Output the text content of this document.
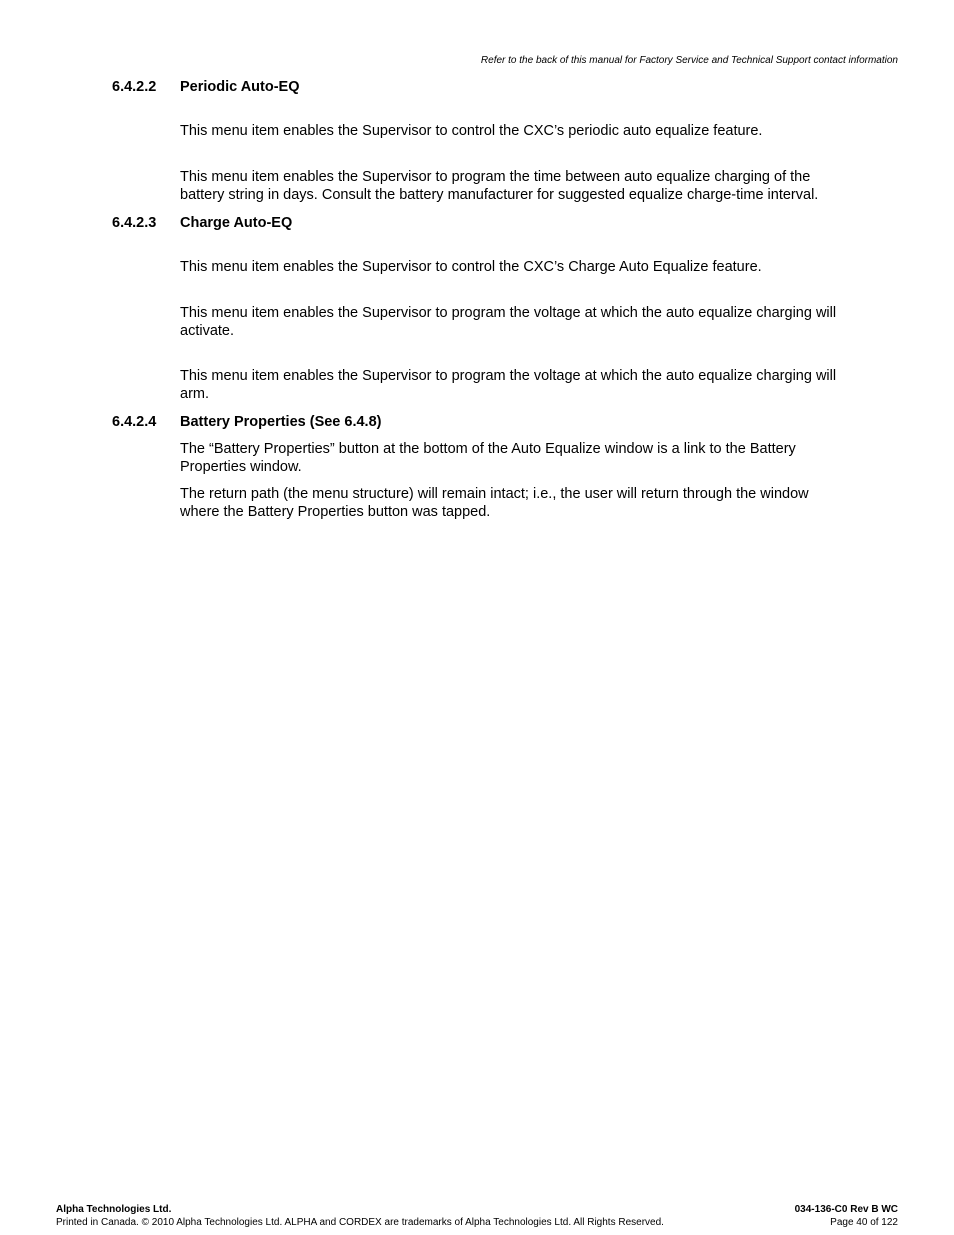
Refer to the back of this manual for Factory Service and Technical Support contact information
6.4.2.2	Periodic Auto-EQ

This menu item enables the Supervisor to control the CXC’s periodic auto equalize feature.

This menu item enables the Supervisor to program the time between auto equalize charging of the battery string in days. Consult the battery manufacturer for suggested equalize charge-time interval.

6.4.2.3	Charge Auto-EQ

This menu item enables the Supervisor to control the CXC’s Charge Auto Equalize feature.

This menu item enables the Supervisor to program the voltage at which the auto equalize charging will activate.

This menu item enables the Supervisor to program the voltage at which the auto equalize charging will arm.

6.4.2.4	Battery Properties (See 6.4.8)

The “Battery Properties” button at the bottom of the Auto Equalize window is a link to the Battery Properties window.

The return path (the menu structure) will remain intact; i.e., the user will return through the window where the Battery Properties button was tapped.

Alpha Technologies Ltd.	034-136-C0 Rev B WC
Printed in Canada. © 2010 Alpha Technologies Ltd. ALPHA and CORDEX are trademarks of Alpha Technologies Ltd. All Rights Reserved.	Page 40 of 122
